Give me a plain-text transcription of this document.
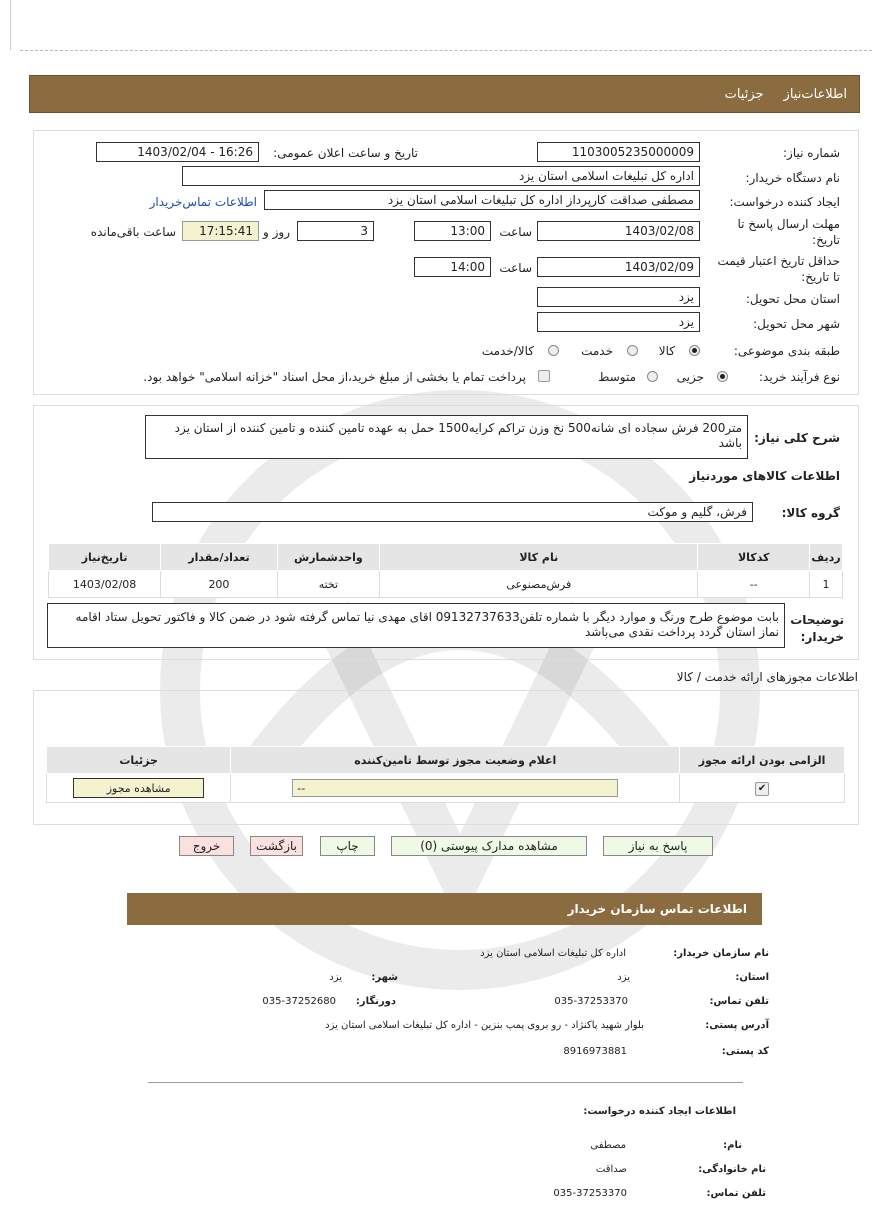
اطلاعات‌نیاز
جزئیات
شماره نیاز:
1103005235000009
تاریخ و ساعت اعلان عمومی:
1403/02/04 - 16:26
نام دستگاه خریدار:
اداره کل تبلیغات اسلامی استان یزد
ایجاد کننده درخواست:
مصطفی صداقت کارپرداز اداره کل تبلیغات اسلامی استان یزد
اطلاعات تماس‌خریدار
مهلت ارسال پاسخ تا
تاریخ:
1403/02/08
ساعت
13:00
3
روز و
17:15:41
ساعت باقی‌مانده
حداقل تاریخ اعتبار قیمت
تا تاریخ:
1403/02/09
ساعت
14:00
استان محل تحویل:
یزد
شهر محل تحویل:
یزد
طبقه بندی موضوعی:
کالا
خدمت
کالا/خدمت
نوع فرآیند خرید:
جزیی
متوسط
پرداخت تمام یا بخشی از مبلغ خرید،از محل اسناد "خزانه اسلامی" خواهد بود.
شرح کلی نیاز:
متر200 فرش سجاده ای شانه500 نخ وزن تراکم کرایه1500 حمل به عهده تامین کننده و تامین کننده از استان یزد باشد
اطلاعات کالاهای موردنیاز
گروه کالا:
فرش، گلیم و موکت
ردیف	کدکالا	نام کالا	واحدشمارش	تعداد/مقدار	تاریخ‌نیاز
1	--	فرش‌مصنوعی	تخته	200	1403/02/08
توضیحات
خریدار:
بابت موضوع طرح ورنگ و موارد دیگر با شماره تلفن09132737633 اقای مهدی نیا تماس گرفته شود در ضمن کالا و فاکتور تحویل ستاد اقامه نماز استان گردد پرداخت نقدی می‌باشد
اطلاعات مجوزهای ارائه خدمت / کالا
الزامی بودن ارائه مجوز	اعلام وضعیت مجوز توسط تامین‌کننده	جزئیات
✔	--	مشاهده مجوز
پاسخ به نیاز
مشاهده مدارک پیوستی (0)
چاپ
بازگشت
خروج
اطلاعات تماس سازمان خریدار
نام سازمان خریدار:
اداره کل تبلیغات اسلامی استان یزد
استان:
یزد
شهر:
یزد
تلفن تماس:
035-37253370
دورنگار:
035-37252680
آدرس پستی:
بلوار شهید پاکنژاد - رو بروی پمپ بنزین - اداره کل تبلیغات اسلامی استان یزد
کد پستی:
8916973881
اطلاعات ایجاد کننده درخواست:
نام:
مصطفی
نام خانوادگی:
صداقت
تلفن تماس:
035-37253370
